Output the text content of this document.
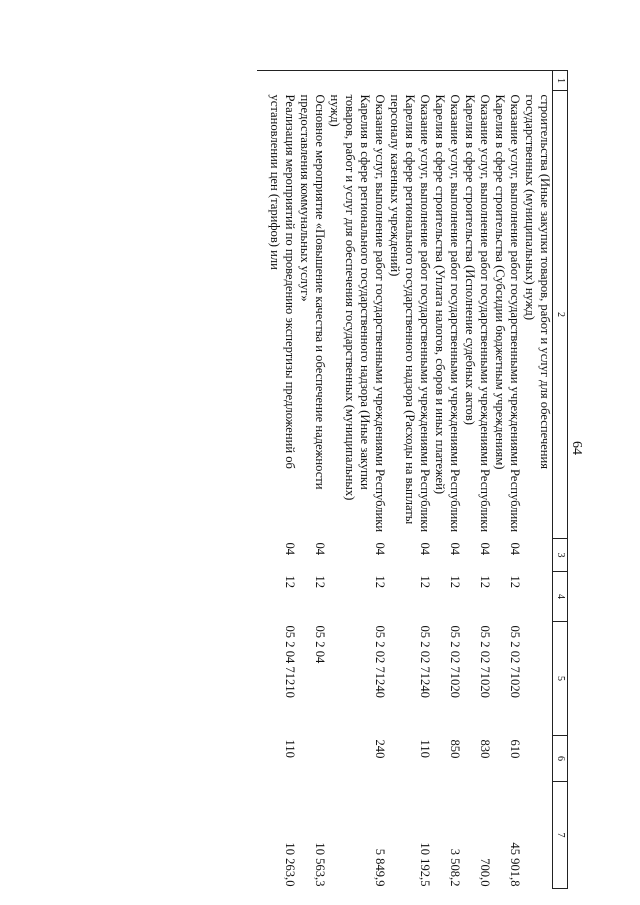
64
1	2	3	4	5	6	7
	строительства (Иные закупки товаров, работ и услуг для обеспечения государственных (муниципальных) нужд)					
	Оказание услуг, выполнение работ государственными учреждениями Республики Карелия в сфере строительства (Субсидии бюджетным учреждениям)	04	12	05 2 02 71020	610	45 901,8
	Оказание услуг, выполнение работ государственными учреждениями Республики Карелия в сфере строительства (Исполнение судебных актов)	04	12	05 2 02 71020	830	700,0
	Оказание услуг, выполнение работ государственными учреждениями Республики Карелия в сфере строительства (Уплата налогов, сборов и иных платежей)	04	12	05 2 02 71020	850	3 508,2
	Оказание услуг, выполнение работ государственными учреждениями Республики Карелия в сфере регионального государственного надзора (Расходы на выплаты персоналу казенных учреждений)	04	12	05 2 02 71240	110	10 192,5
	Оказание услуг, выполнение работ государственными учреждениями Республики Карелия в сфере регионального государственного надзора (Иные закупки товаров, работ и услуг для обеспечения государственных (муниципальных) нужд)	04	12	05 2 02 71240	240	5 849,9
	Основное мероприятие «Повышение качества и обеспечение надежности предоставления коммунальных услуг»	04	12	05 2 04		10 563,3
	Реализация мероприятий по проведению экспертизы предложений об установлении цен (тарифов) или	04	12	05 2 04 71210	110	10 263,0
